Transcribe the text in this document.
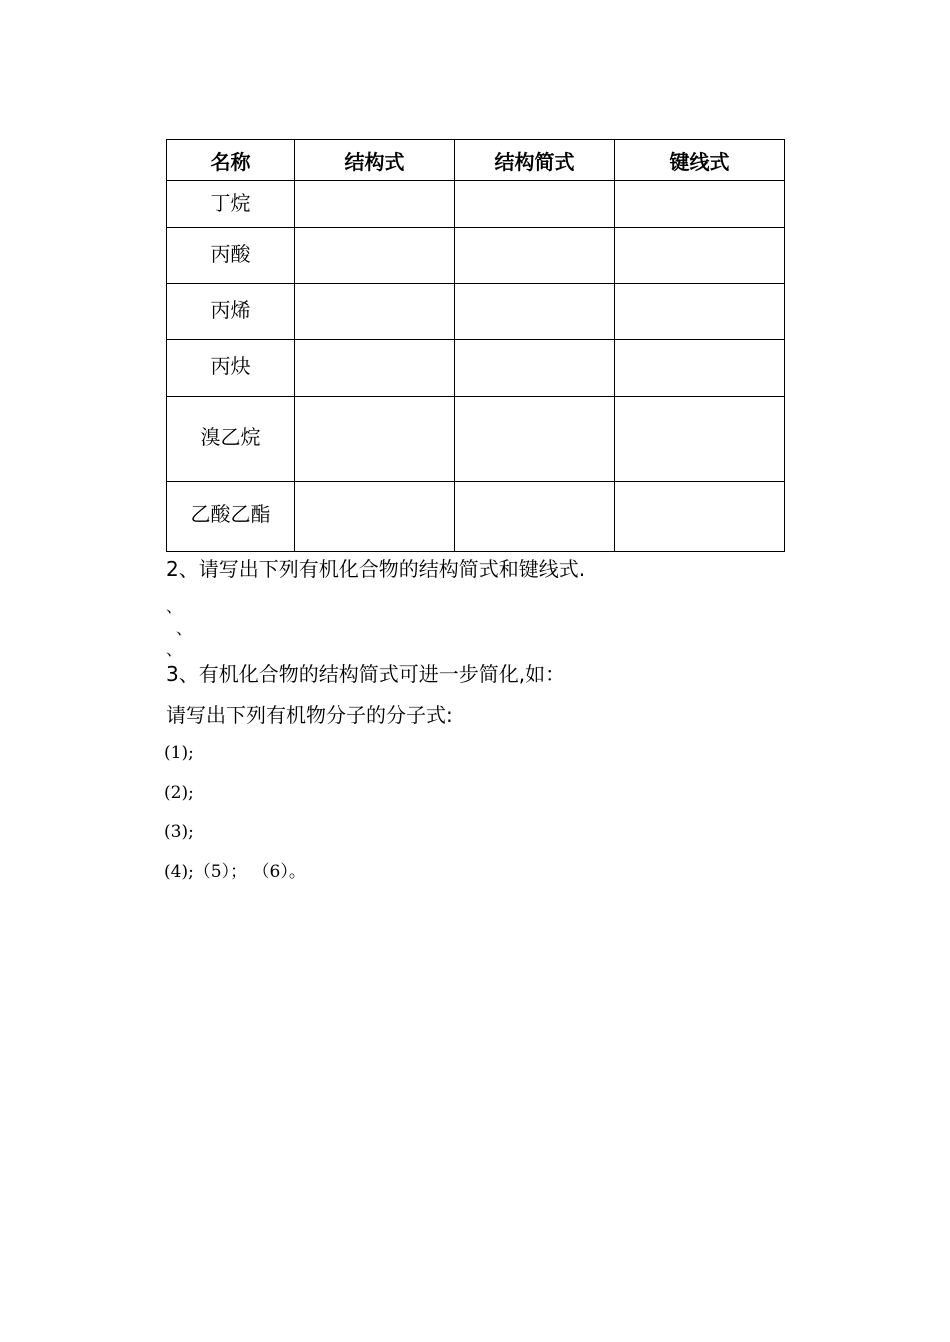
名称	结构式	结构简式	键线式

丁烷			

丙酸			

丙烯			

丙炔			

溴乙烷			

乙酸乙酯			

2、请写出下列有机化合物的结构简式和键线式.
、
、
、
3、有机化合物的结构简式可进一步简化,如：
请写出下列有机物分子的分子式:
(1);
(2);
(3);
(4);（5）； （6）。
